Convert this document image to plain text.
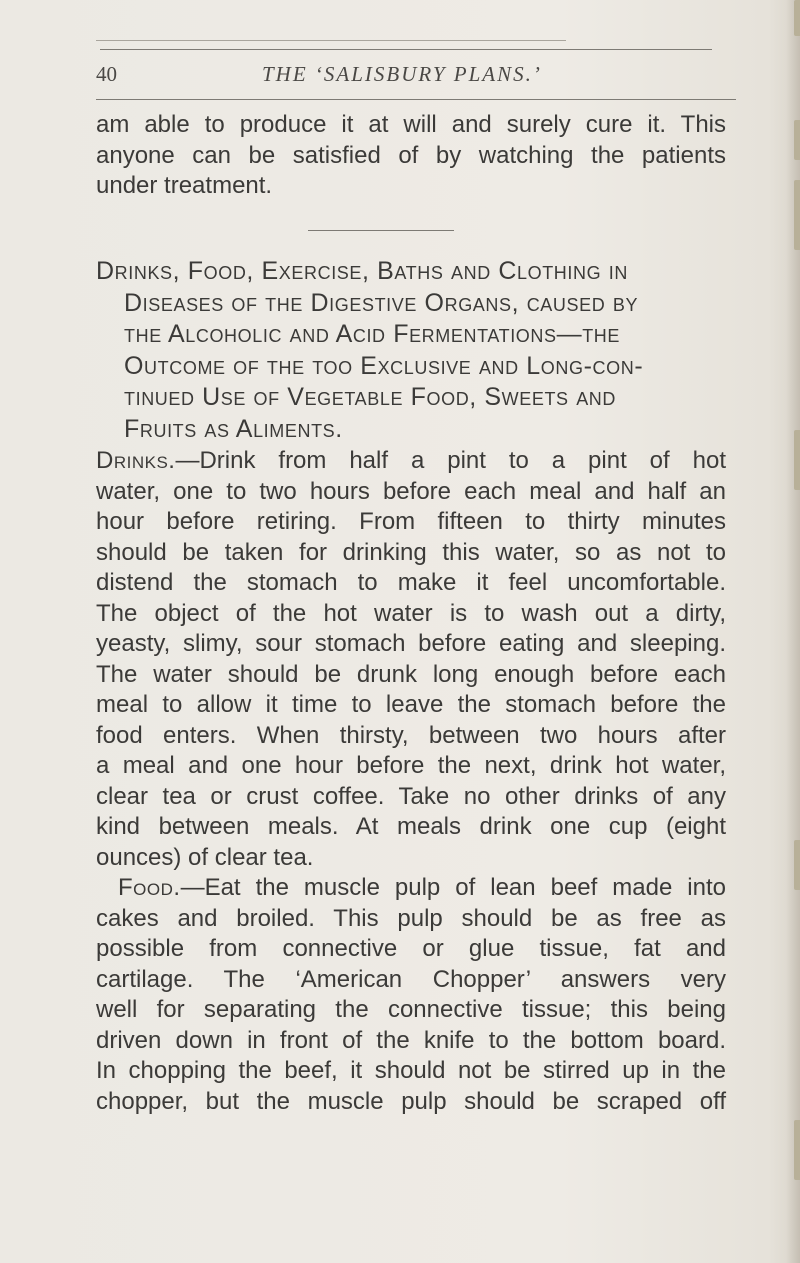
40	THE ‘SALISBURY PLANS.’
am able to produce it at will and surely cure it. This
anyone can be satisfied of by watching the patients
under treatment.
Drinks, Food, Exercise, Baths and Clothing in
Diseases of the Digestive Organs, caused by
the Alcoholic and Acid Fermentations—the
Outcome of the too Exclusive and Long-con-
tinued Use of Vegetable Food, Sweets and
Fruits as Aliments.
Drinks.—Drink from half a pint to a pint of hot
water, one to two hours before each meal and half an
hour before retiring. From fifteen to thirty minutes
should be taken for drinking this water, so as not to
distend the stomach to make it feel uncomfortable.
The object of the hot water is to wash out a dirty,
yeasty, slimy, sour stomach before eating and sleeping.
The water should be drunk long enough before each
meal to allow it time to leave the stomach before the
food enters. When thirsty, between two hours after
a meal and one hour before the next, drink hot water,
clear tea or crust coffee. Take no other drinks of any
kind between meals. At meals drink one cup (eight
ounces) of clear tea.
Food.—Eat the muscle pulp of lean beef made into
cakes and broiled. This pulp should be as free as
possible from connective or glue tissue, fat and
cartilage. The ‘American Chopper’ answers very
well for separating the connective tissue; this being
driven down in front of the knife to the bottom board.
In chopping the beef, it should not be stirred up in the
chopper, but the muscle pulp should be scraped off
